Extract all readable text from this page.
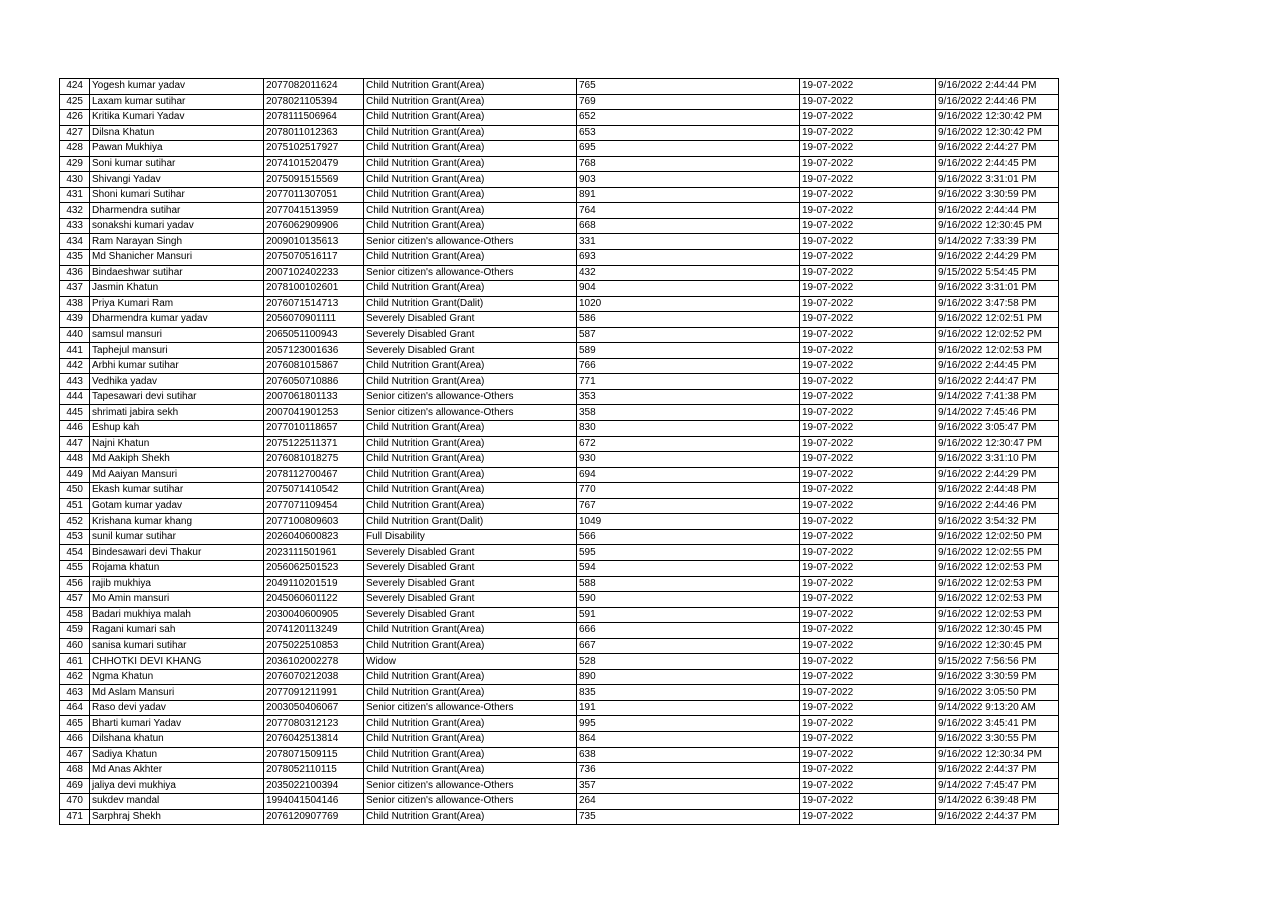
424	Yogesh kumar yadav	2077082011624	Child Nutrition Grant(Area)	765	19-07-2022	9/16/2022 2:44:44 PM
425	Laxam kumar sutihar	2078021105394	Child Nutrition Grant(Area)	769	19-07-2022	9/16/2022 2:44:46 PM
426	Kritika Kumari Yadav	2078111506964	Child Nutrition Grant(Area)	652	19-07-2022	9/16/2022 12:30:42 PM
427	Dilsna Khatun	2078011012363	Child Nutrition Grant(Area)	653	19-07-2022	9/16/2022 12:30:42 PM
428	Pawan Mukhiya	2075102517927	Child Nutrition Grant(Area)	695	19-07-2022	9/16/2022 2:44:27 PM
429	Soni kumar sutihar	2074101520479	Child Nutrition Grant(Area)	768	19-07-2022	9/16/2022 2:44:45 PM
430	Shivangi Yadav	2075091515569	Child Nutrition Grant(Area)	903	19-07-2022	9/16/2022 3:31:01 PM
431	Shoni kumari Sutihar	2077011307051	Child Nutrition Grant(Area)	891	19-07-2022	9/16/2022 3:30:59 PM
432	Dharmendra sutihar	2077041513959	Child Nutrition Grant(Area)	764	19-07-2022	9/16/2022 2:44:44 PM
433	sonakshi kumari yadav	2076062909906	Child Nutrition Grant(Area)	668	19-07-2022	9/16/2022 12:30:45 PM
434	Ram Narayan Singh	2009010135613	Senior citizen's allowance-Others	331	19-07-2022	9/14/2022 7:33:39 PM
435	Md Shanicher Mansuri	2075070516117	Child Nutrition Grant(Area)	693	19-07-2022	9/16/2022 2:44:29 PM
436	Bindaeshwar sutihar	2007102402233	Senior citizen's allowance-Others	432	19-07-2022	9/15/2022 5:54:45 PM
437	Jasmin Khatun	2078100102601	Child Nutrition Grant(Area)	904	19-07-2022	9/16/2022 3:31:01 PM
438	Priya Kumari Ram	2076071514713	Child Nutrition Grant(Dalit)	1020	19-07-2022	9/16/2022 3:47:58 PM
439	Dharmendra kumar yadav	2056070901111	Severely Disabled Grant	586	19-07-2022	9/16/2022 12:02:51 PM
440	samsul mansuri	2065051100943	Severely Disabled Grant	587	19-07-2022	9/16/2022 12:02:52 PM
441	Taphejul mansuri	2057123001636	Severely Disabled Grant	589	19-07-2022	9/16/2022 12:02:53 PM
442	Arbhi kumar sutihar	2076081015867	Child Nutrition Grant(Area)	766	19-07-2022	9/16/2022 2:44:45 PM
443	Vedhika yadav	2076050710886	Child Nutrition Grant(Area)	771	19-07-2022	9/16/2022 2:44:47 PM
444	Tapesawari devi sutihar	2007061801133	Senior citizen's allowance-Others	353	19-07-2022	9/14/2022 7:41:38 PM
445	shrimati jabira sekh	2007041901253	Senior citizen's allowance-Others	358	19-07-2022	9/14/2022 7:45:46 PM
446	Eshup kah	2077010118657	Child Nutrition Grant(Area)	830	19-07-2022	9/16/2022 3:05:47 PM
447	Najni Khatun	2075122511371	Child Nutrition Grant(Area)	672	19-07-2022	9/16/2022 12:30:47 PM
448	Md Aakiph Shekh	2076081018275	Child Nutrition Grant(Area)	930	19-07-2022	9/16/2022 3:31:10 PM
449	Md Aaiyan Mansuri	2078112700467	Child Nutrition Grant(Area)	694	19-07-2022	9/16/2022 2:44:29 PM
450	Ekash kumar sutihar	2075071410542	Child Nutrition Grant(Area)	770	19-07-2022	9/16/2022 2:44:48 PM
451	Gotam kumar yadav	2077071109454	Child Nutrition Grant(Area)	767	19-07-2022	9/16/2022 2:44:46 PM
452	Krishana kumar khang	2077100809603	Child Nutrition Grant(Dalit)	1049	19-07-2022	9/16/2022 3:54:32 PM
453	sunil kumar sutihar	2026040600823	Full Disability	566	19-07-2022	9/16/2022 12:02:50 PM
454	Bindesawari devi Thakur	2023111501961	Severely Disabled Grant	595	19-07-2022	9/16/2022 12:02:55 PM
455	Rojama khatun	2056062501523	Severely Disabled Grant	594	19-07-2022	9/16/2022 12:02:53 PM
456	rajib mukhiya	2049110201519	Severely Disabled Grant	588	19-07-2022	9/16/2022 12:02:53 PM
457	Mo Amin mansuri	2045060601122	Severely Disabled Grant	590	19-07-2022	9/16/2022 12:02:53 PM
458	Badari mukhiya malah	2030040600905	Severely Disabled Grant	591	19-07-2022	9/16/2022 12:02:53 PM
459	Ragani kumari sah	2074120113249	Child Nutrition Grant(Area)	666	19-07-2022	9/16/2022 12:30:45 PM
460	sanisa kumari sutihar	2075022510853	Child Nutrition Grant(Area)	667	19-07-2022	9/16/2022 12:30:45 PM
461	CHHOTKI DEVI KHANG	2036102002278	Widow	528	19-07-2022	9/15/2022 7:56:56 PM
462	Ngma Khatun	2076070212038	Child Nutrition Grant(Area)	890	19-07-2022	9/16/2022 3:30:59 PM
463	Md Aslam Mansuri	2077091211991	Child Nutrition Grant(Area)	835	19-07-2022	9/16/2022 3:05:50 PM
464	Raso devi yadav	2003050406067	Senior citizen's allowance-Others	191	19-07-2022	9/14/2022 9:13:20 AM
465	Bharti kumari Yadav	2077080312123	Child Nutrition Grant(Area)	995	19-07-2022	9/16/2022 3:45:41 PM
466	Dilshana khatun	2076042513814	Child Nutrition Grant(Area)	864	19-07-2022	9/16/2022 3:30:55 PM
467	Sadiya Khatun	2078071509115	Child Nutrition Grant(Area)	638	19-07-2022	9/16/2022 12:30:34 PM
468	Md Anas Akhter	2078052110115	Child Nutrition Grant(Area)	736	19-07-2022	9/16/2022 2:44:37 PM
469	jaliya devi mukhiya	2035022100394	Senior citizen's allowance-Others	357	19-07-2022	9/14/2022 7:45:47 PM
470	sukdev mandal	1994041504146	Senior citizen's allowance-Others	264	19-07-2022	9/14/2022 6:39:48 PM
471	Sarphraj Shekh	2076120907769	Child Nutrition Grant(Area)	735	19-07-2022	9/16/2022 2:44:37 PM
